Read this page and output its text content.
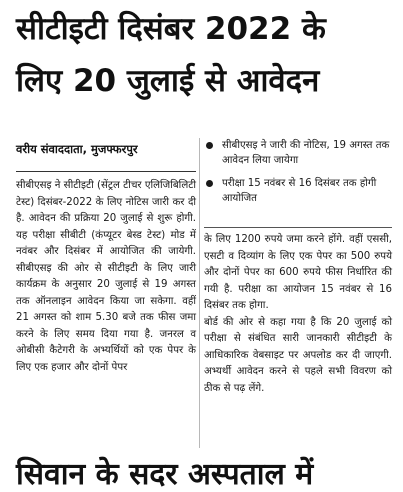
सीटीइटी दिसंबर 2022 के
लिए 20 जुलाई से आवेदन
वरीय संवाददाता, मुजफ्फरपुर	सीबीएसइ ने जारी की नोटिस, 19 अगस्त तक आवेदन लिया जायेगा
परीक्षा 15 नवंबर से 16 दिसंबर तक होगी आयोजित

सीबीएसइ ने सीटीइटी (सेंट्रल टीचर एलिजिबिलिटी टेस्ट) दिसंबर-2022 के लिए नोटिस जारी कर दी है. आवेदन की प्रक्रिया 20 जुलाई से शुरू होगी. यह परीक्षा सीबीटी (कंप्यूटर बेस्ड टेस्ट) मोड में नवंबर और दिसंबर में आयोजित की जायेगी. सीबीएसइ की ओर से सीटीइटी के लिए जारी कार्यक्रम के अनुसार 20 जुलाई से 19 अगस्त तक ऑनलाइन आवेदन किया जा सकेगा. वहीं 21 अगस्त को शाम 5.30 बजे तक फीस जमा करने के लिए समय दिया गया है. जनरल व ओबीसी कैटेगरी के अभ्यर्थियों को एक पेपर के लिए एक हजार और दोनों पेपर

के लिए 1200 रुपये जमा करने होंगे. वहीं एससी, एसटी व दिव्यांग के लिए एक पेपर का 500 रुपये और दोनों पेपर का 600 रुपये फीस निर्धारित की गयी है. परीक्षा का आयोजन 15 नवंबर से 16 दिसंबर तक होगा.

बोर्ड की ओर से कहा गया है कि 20 जुलाई को परीक्षा से संबंधित सारी जानकारी सीटीइटी के आधिकारिक वेबसाइट पर अपलोड कर दी जाएगी. अभ्यर्थी आवेदन करने से पहले सभी विवरण को ठीक से पढ़ लेंगे.

सिवान के सदर अस्पताल में
